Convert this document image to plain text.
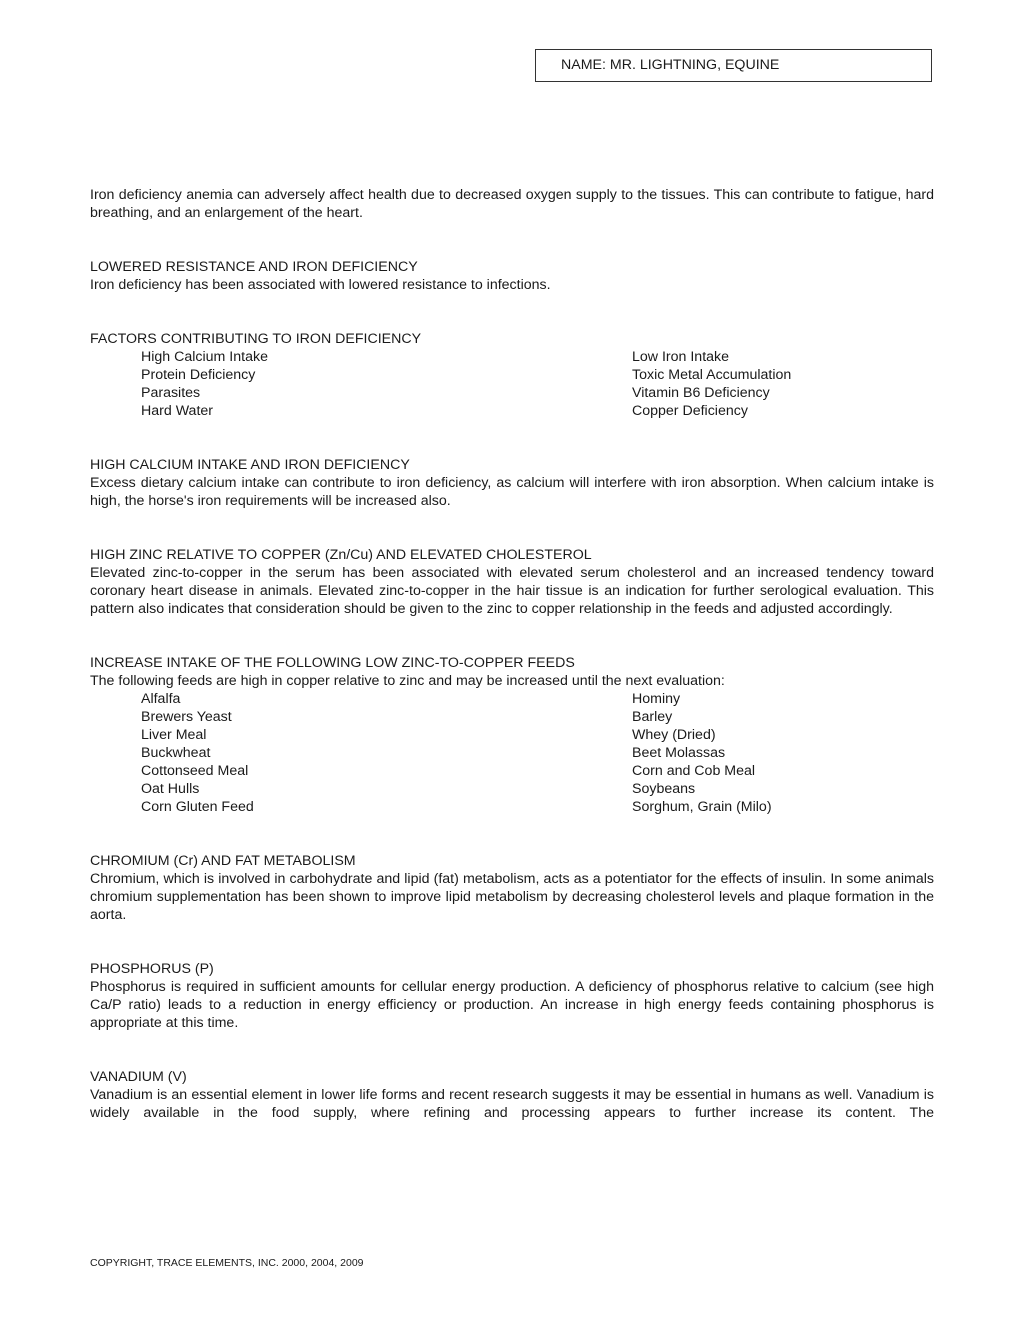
NAME: MR. LIGHTNING, EQUINE

Iron deficiency anemia can adversely affect health due to decreased oxygen supply to the tissues. This can contribute to fatigue, hard breathing, and an enlargement of the heart.

LOWERED RESISTANCE AND IRON DEFICIENCY

Iron deficiency has been associated with lowered resistance to infections.

FACTORS CONTRIBUTING TO IRON DEFICIENCY
High Calcium Intake
Protein Deficiency
Parasites
Hard Water
Low Iron Intake
Toxic Metal Accumulation
Vitamin B6 Deficiency
Copper Deficiency
HIGH CALCIUM INTAKE AND IRON DEFICIENCY

Excess dietary calcium intake can contribute to iron deficiency, as calcium will interfere with iron absorption. When calcium intake is high, the horse's iron requirements will be increased also.

HIGH ZINC RELATIVE TO COPPER (Zn/Cu) AND ELEVATED CHOLESTEROL

Elevated zinc-to-copper in the serum has been associated with elevated serum cholesterol and an increased tendency toward coronary heart disease in animals. Elevated zinc-to-copper in the hair tissue is an indication for further serological evaluation. This pattern also indicates that consideration should be given to the zinc to copper relationship in the feeds and adjusted accordingly.

INCREASE INTAKE OF THE FOLLOWING LOW ZINC-TO-COPPER FEEDS

The following feeds are high in copper relative to zinc and may be increased until the next evaluation:

Alfalfa
Brewers Yeast
Liver Meal
Buckwheat
Cottonseed Meal
Oat Hulls
Corn Gluten Feed
Hominy
Barley
Whey (Dried)
Beet Molassas
Corn and Cob Meal
Soybeans
Sorghum, Grain (Milo)
CHROMIUM (Cr) AND FAT METABOLISM

Chromium, which is involved in carbohydrate and lipid (fat) metabolism, acts as a potentiator for the effects of insulin. In some animals chromium supplementation has been shown to improve lipid metabolism by decreasing cholesterol levels and plaque formation in the aorta.

PHOSPHORUS (P)

Phosphorus is required in sufficient amounts for cellular energy production. A deficiency of phosphorus relative to calcium (see high Ca/P ratio) leads to a reduction in energy efficiency or production. An increase in high energy feeds containing phosphorus is appropriate at this time.

VANADIUM (V)

Vanadium is an essential element in lower life forms and recent research suggests it may be essential in humans as well. Vanadium is widely available in the food supply, where refining and processing appears to further increase its content. The

COPYRIGHT, TRACE ELEMENTS, INC. 2000, 2004, 2009
